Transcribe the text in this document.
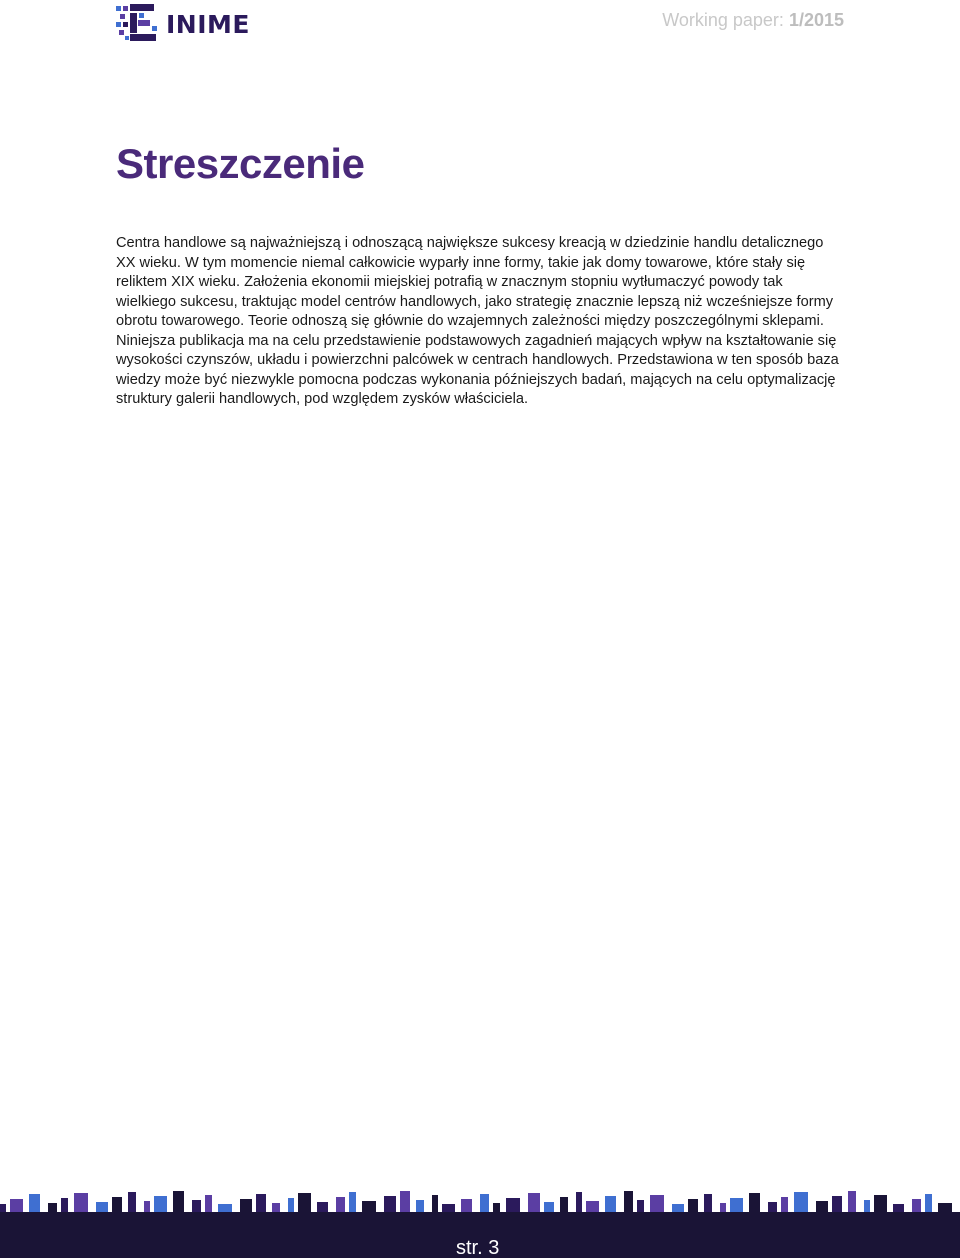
INIME	Working paper: 1/2015
Streszczenie

Centra handlowe są najważniejszą i odnoszącą największe sukcesy kreacją w dziedzinie handlu detalicznego XX wieku. W tym momencie niemal całkowicie wyparły inne formy, takie jak domy towarowe, które stały się reliktem XIX wieku. Założenia ekonomii miejskiej potrafią w znacznym stopniu wytłumaczyć powody tak wielkiego sukcesu, traktując model centrów handlowych, jako strategię znacznie lepszą niż wcześniejsze formy obrotu towarowego. Teorie odnoszą się głównie do wzajemnych zależności między poszczególnymi sklepami. Niniejsza publikacja ma na celu przedstawienie podstawowych zagadnień mających wpływ na kształtowanie się wysokości czynszów, układu i powierzchni palcówek w centrach handlowych. Przedstawiona w ten sposób baza wiedzy może być niezwykle pomocna podczas wykonania późniejszych badań, mających na celu optymalizację struktury galerii handlowych, pod względem zysków właściciela.

str. 3
